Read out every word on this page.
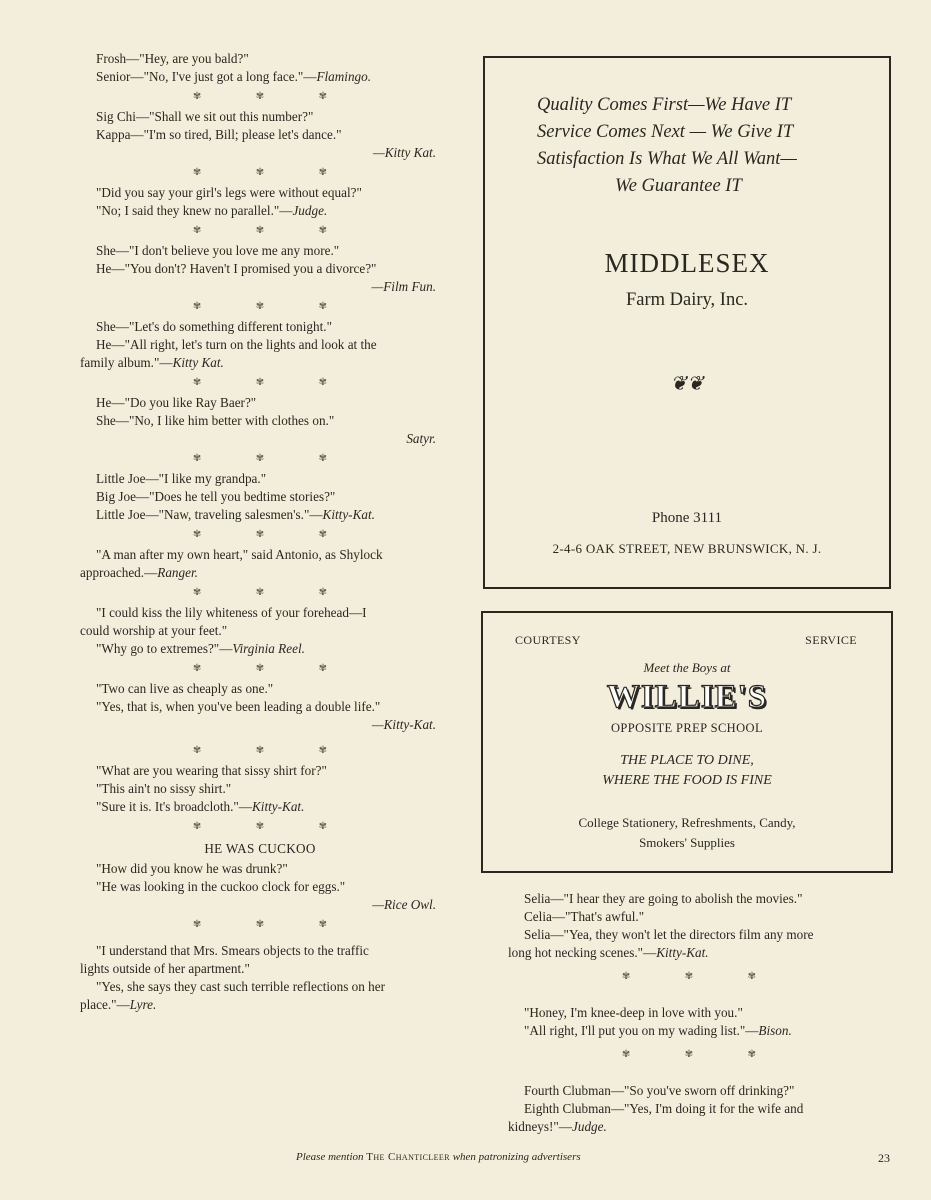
Frosh—"Hey, are you bald?"
Senior—"No, I've just got a long face."—Flamingo.

✾ ✾ ✾

Sig Chi—"Shall we sit out this number?"
Kappa—"I'm so tired, Bill; please let's dance."
—Kitty Kat.

✾ ✾ ✾

"Did you say your girl's legs were without equal?"
"No; I said they knew no parallel."—Judge.

✾ ✾ ✾

She—"I don't believe you love me any more."
He—"You don't? Haven't I promised you a divorce?"
—Film Fun.

✾ ✾ ✾

She—"Let's do something different tonight."
He—"All right, let's turn on the lights and look at the
family album."—Kitty Kat.

✾ ✾ ✾

He—"Do you like Ray Baer?"
She—"No, I like him better with clothes on."
Satyr.

✾ ✾ ✾

Little Joe—"I like my grandpa."
Big Joe—"Does he tell you bedtime stories?"
Little Joe—"Naw, traveling salesmen's."—Kitty-Kat.

✾ ✾ ✾

"A man after my own heart," said Antonio, as Shylock
approached.—Ranger.

✾ ✾ ✾

"I could kiss the lily whiteness of your forehead—I
could worship at your feet."
"Why go to extremes?"—Virginia Reel.

✾ ✾ ✾

"Two can live as cheaply as one."
"Yes, that is, when you've been leading a double life."
—Kitty-Kat.

✾ ✾ ✾

"What are you wearing that sissy shirt for?"
"This ain't no sissy shirt."
"Sure it is. It's broadcloth."—Kitty-Kat.

✾ ✾ ✾
HE WAS CUCKOO

"How did you know he was drunk?"
"He was looking in the cuckoo clock for eggs."
—Rice Owl.

✾ ✾ ✾

"I understand that Mrs. Smears objects to the traffic
lights outside of her apartment."
"Yes, she says they cast such terrible reflections on her
place."—Lyre.

Quality Comes First—We Have IT
Service Comes Next — We Give IT
Satisfaction Is What We All Want—
We Guarantee IT
MIDDLESEX
Farm Dairy, Inc.
❦❦
Phone 3111
2-4-6 OAK STREET, NEW BRUNSWICK, N. J.
COURTESY	SERVICE
Meet the Boys at
WILLIE'S
OPPOSITE PREP SCHOOL
THE PLACE TO DINE,
WHERE THE FOOD IS FINE
College Stationery, Refreshments, Candy,
Smokers' Supplies

Selia—"I hear they are going to abolish the movies."
Celia—"That's awful."
Selia—"Yea, they won't let the directors film any more
long hot necking scenes."—Kitty-Kat.

✾ ✾ ✾

"Honey, I'm knee-deep in love with you."
"All right, I'll put you on my wading list."—Bison.

✾ ✾ ✾

Fourth Clubman—"So you've sworn off drinking?"
Eighth Clubman—"Yes, I'm doing it for the wife and
kidneys!"—Judge.

Please mention The Chanticleer when patronizing advertisers	23
